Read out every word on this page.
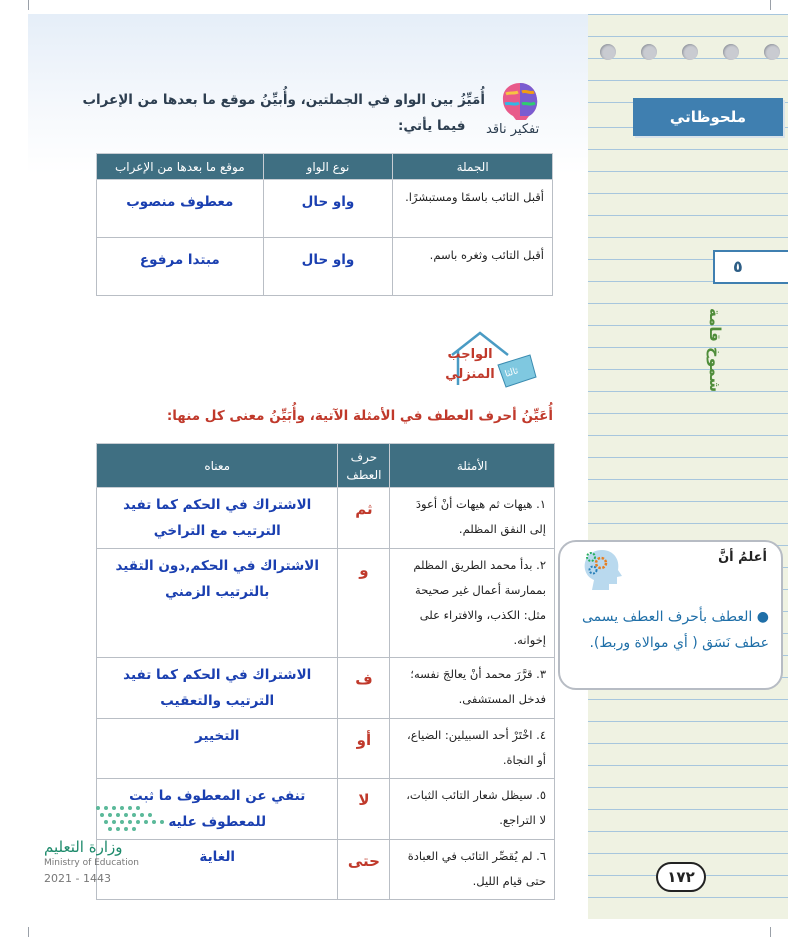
ملحوظاتي
٥
شموخ قامة
أعلمُ أنَّ
● العطف بأحرف العطف يسمى عطف نَسَق ( أي موالاة وربط).
١٧٢
تفكير ناقد
أُمَيِّزُ بين الواو في الجملتين، وأُبيِّنُ موقع ما بعدها من الإعراب
فيما يأتي:
الجملة	نوع الواو	موقع ما بعدها من الإعراب
أقبل التائب باسمًا ومستبشرًا.	واو حال	معطوف منصوب
أقبل التائب وثغره باسم.	واو حال	مبتدا مرفوع
الواجب
المنزلي	ثالثا
أُعَيِّنُ أحرف العطف في الأمثلة الآتية، وأُبَيِّنُ معنى كل منها:
الأمثلة	حرف العطف	معناه
١. هيهات ثم هيهات أنْ أعودَ إلى النفق المظلم.	ثم	الاشتراك في الحكم كما تفيد الترتيب مع التراخي
٢. بدأ محمد الطريق المظلم بممارسة أعمال غير صحيحة مثل: الكذب، والافتراء على إخوانه.	و	الاشتراك في الحكم,دون التقيد بالترتيب الزمني
٣. قرَّرَ محمد أنْ يعالجَ نفسه؛ فدخل المستشفى.	ف	الاشتراك في الحكم كما تفيد الترتيب والتعقيب
٤. اخْتَرْ أحد السبيلين: الضياع، أو النجاة.	أو	التخيير
٥. سيظل شعار التائب الثبات، لا التراجع.	لا	تنفي عن المعطوف ما ثبت للمعطوف عليه
٦. لم يُقصِّر التائب في العبادة حتى قيام الليل.	حتى	الغاية
وزارة التعليم
Ministry of Education
2021 - 1443
